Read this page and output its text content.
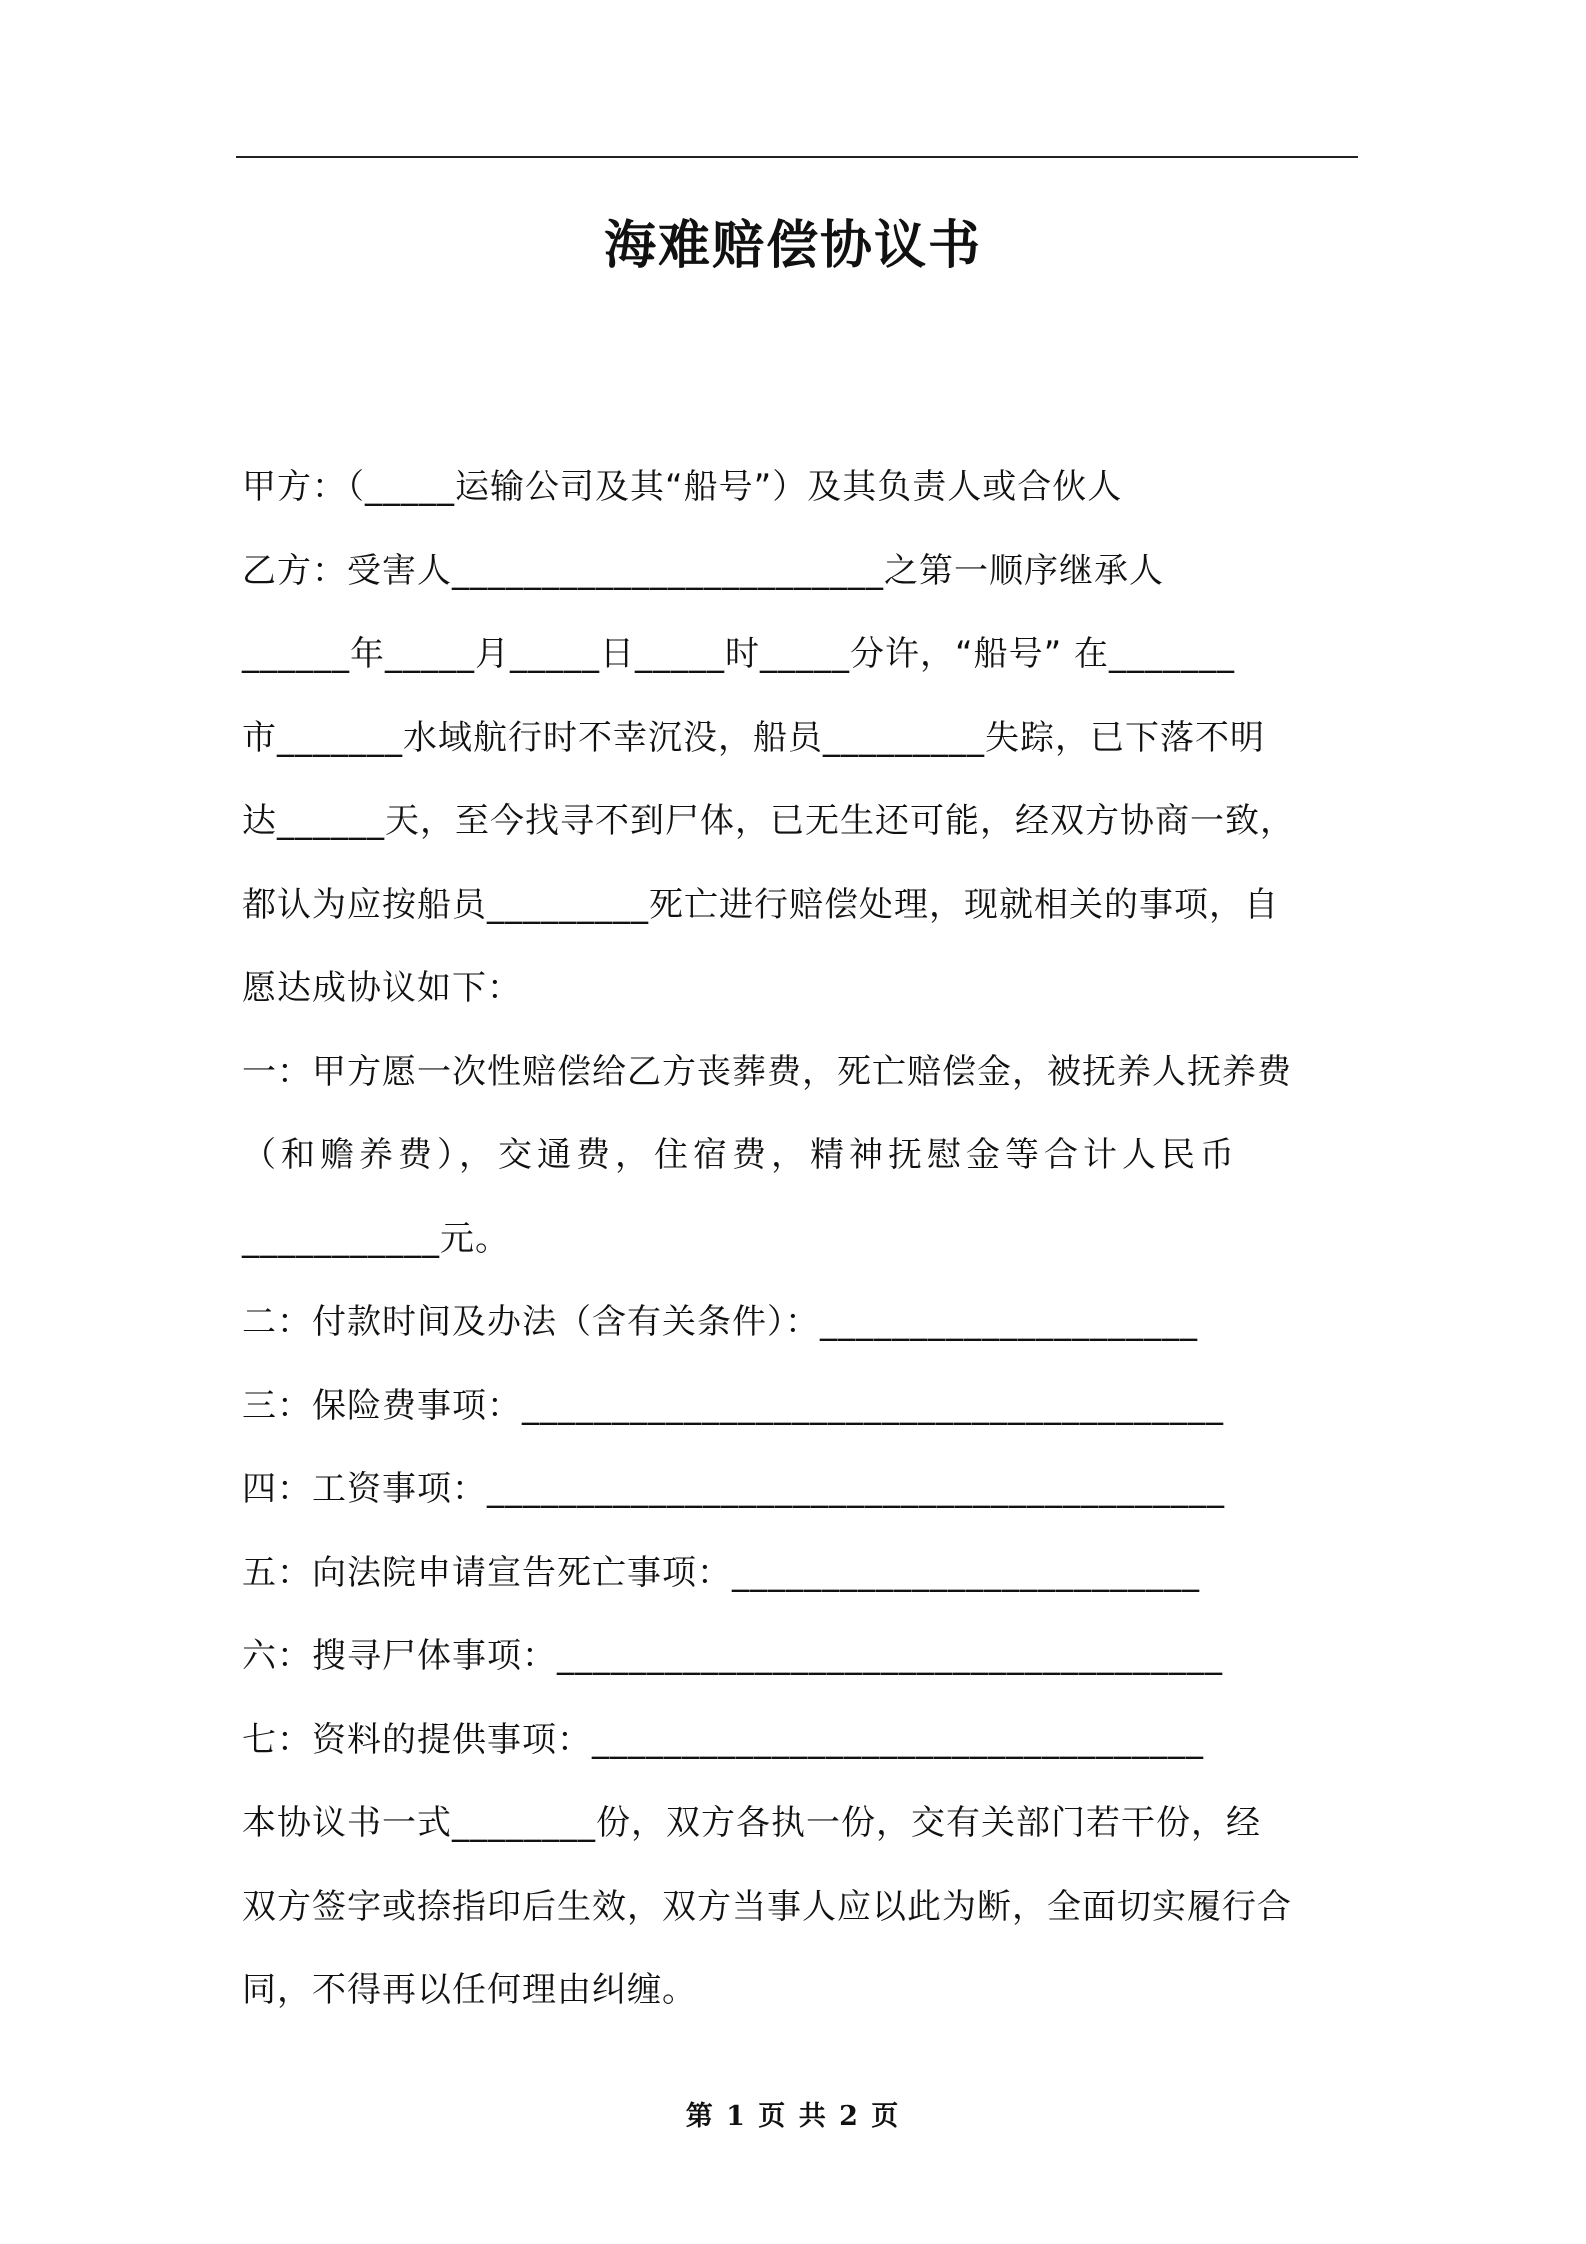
海难赔偿协议书

甲方：（_____运输公司及其“船号”）及其负责人或合伙人

乙方：受害人________________________之第一顺序继承人

______年_____月_____日_____时_____分许，“船号” 在_______

市_______水域航行时不幸沉没，船员_________失踪，已下落不明

达______天，至今找寻不到尸体，已无生还可能，经双方协商一致，

都认为应按船员_________死亡进行赔偿处理，现就相关的事项，自

愿达成协议如下：

一：甲方愿一次性赔偿给乙方丧葬费，死亡赔偿金，被抚养人抚养费

（和赡养费），交通费，住宿费，精神抚慰金等合计人民币

___________元。

二：付款时间及办法（含有关条件）：_____________________

三：保险费事项：_______________________________________

四：工资事项：_________________________________________

五：向法院申请宣告死亡事项：__________________________

六：搜寻尸体事项：_____________________________________

七：资料的提供事项：__________________________________

本协议书一式________份，双方各执一份，交有关部门若干份，经

双方签字或捺指印后生效，双方当事人应以此为断，全面切实履行合

同，不得再以任何理由纠缠。

第 1 页 共 2 页
